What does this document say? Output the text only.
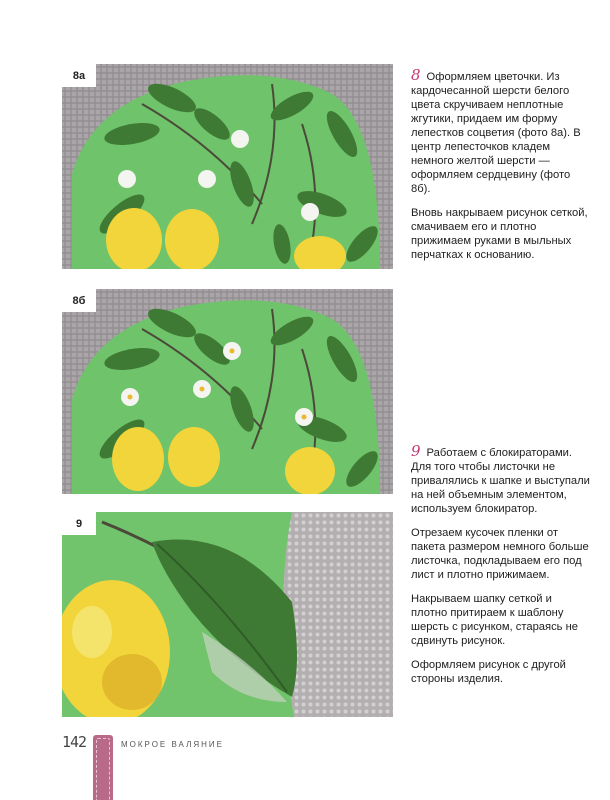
8а
8б
9

8 Оформляем цветочки. Из кардочесанной шерсти белого цвета скручиваем неплотные жгутики, придаем им форму лепестков соцветия (фото 8а). В центр лепесточков кладем немного желтой шерсти — оформляем сердцевину (фото 8б).

Вновь накрываем рисунок сеткой, смачиваем его и плотно прижимаем руками в мыльных перчатках к основанию.

9 Работаем с блокираторами. Для того чтобы листочки не привалялись к шапке и выступали на ней объемным элементом, используем блокиратор.

Отрезаем кусочек пленки от пакета размером немного больше листочка, подкладываем его под лист и плотно прижимаем.

Накрываем шапку сеткой и плотно притираем к шаблону шерсть с рисунком, стараясь не сдвинуть рисунок.

Оформляем рисунок с другой стороны изделия.

142	МОКРОЕ ВАЛЯНИЕ
